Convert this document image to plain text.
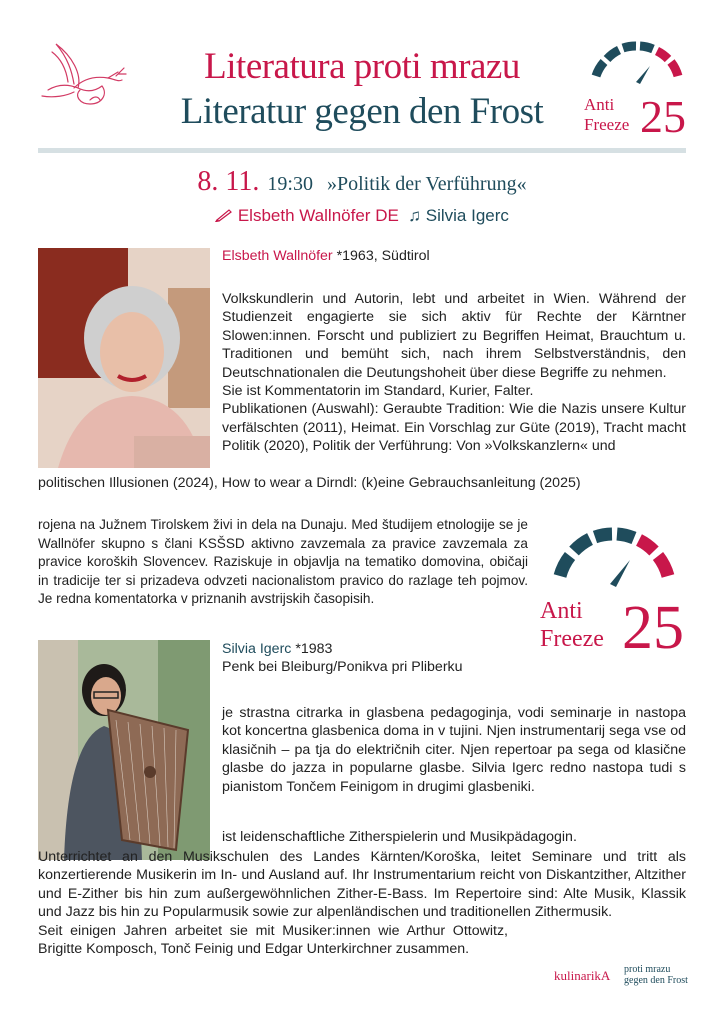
Literatura proti mrazu
Literatur gegen den Frost	Anti
Freeze 25
8. 11. 19:30 »Politik der Verführung«
Elsbeth Wallnöfer DE ♫ Silvia Igerc
Elsbeth Wallnöfer *1963, Südtirol
Volkskundlerin und Autorin, lebt und arbeitet in Wien. Während der Studienzeit engagierte sie sich aktiv für Rechte der Kärntner Slowen:innen. Forscht und publiziert zu Begriffen Heimat, Brauchtum u. Traditionen und bemüht sich, nach ihrem Selbstverständnis, den Deutschnationalen die Deutungshoheit über diese Begriffe zu nehmen.
Sie ist Kommentatorin im Standard, Kurier, Falter.
Publikationen (Auswahl): Geraubte Tradition: Wie die Nazis unsere Kultur verfälschten (2011), Heimat. Ein Vorschlag zur Güte (2019), Tracht macht Politik (2020), Politik der Verführung: Von »Volkskanzlern« und
politischen Illusionen (2024), How to wear a Dirndl: (k)eine Gebrauchsanleitung (2025)
rojena na Južnem Tirolskem živi in dela na Dunaju. Med študijem etnologije se je Wallnöfer skupno s člani KSŠSD aktivno zavzemala za pravice zavzemala za pravice koroških Slovencev. Raziskuje in objavlja na tematiko domovina, običaji in tradicije ter si prizadeva odvzeti nacionalistom pravico do razlage teh pojmov. Je redna komentatorka v priznanih avstrijskih časopisih.	Anti
Freeze 25
Silvia Igerc *1983
Penk bei Bleiburg/Ponikva pri Pliberku
je strastna citrarka in glasbena pedagoginja, vodi seminarje in nastopa kot koncertna glasbenica doma in v tujini. Njen instrumentarij sega vse od klasičnih – pa tja do električnih citer. Njen repertoar pa sega od klasične glasbe do jazza in popularne glasbe. Silvia Igerc redno nastopa tudi s pianistom Tončem Feinigom in drugimi glasbeniki.
ist leidenschaftliche Zitherspielerin und Musikpädagogin.
Unterrichtet an den Musikschulen des Landes Kärnten/Koroška, leitet Seminare und tritt als konzertierende Musikerin im In- und Ausland auf. Ihr Instrumentarium reicht von Diskantzither, Altzither und E-Zither bis hin zum außergewöhnlichen Zither-E-Bass. Im Repertoire sind: Alte Musik, Klassik und Jazz bis hin zu Popularmusik sowie zur alpenländischen und traditionellen Zithermusik.
Seit einigen Jahren arbeitet sie mit Musiker:innen wie Arthur Ottowitz, Brigitte Komposch, Tonč Feinig und Edgar Unterkirchner zusammen.
kulinarikA proti mrazu
gegen den Frost
